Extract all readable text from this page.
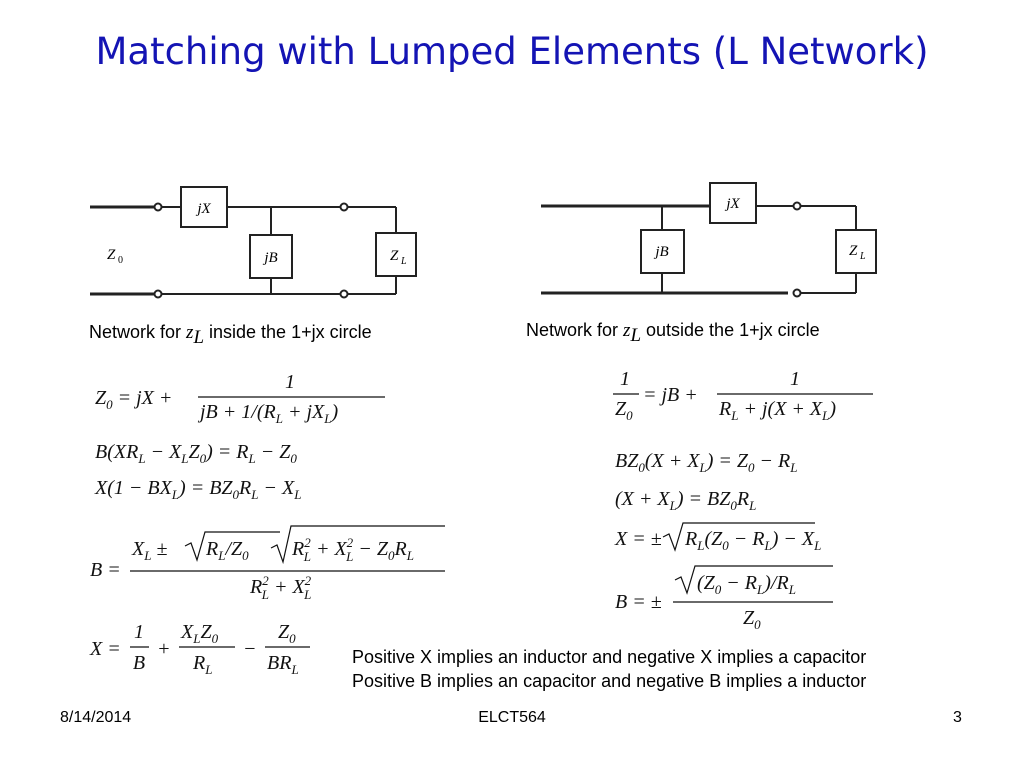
Matching with Lumped Elements (L Network)
jX
jB	Z L
Z 0
jX
jB	Z L
Network for $z_L$ inside the 1+jx circle	Network for $z_L$ outside the 1+jx circle
$Z_0$ = jX +
1
jB + $1/(R_L + jX_L)$
$B(XR_L - X_LZ_0) = R_L - Z_0$
$X(1 - BX_L) = BZ_0R_L - X_L$
B =
$X_L \pm R_L/Z_0$ $R^2$ $L + X^2$ $L - Z_0R_L$
$R^2$ $L + X^2$ L
X =
1
B
+
$X_LZ_0$
$R_L$
−
$Z_0$
$BR_L$
1
$Z_0$
= jB +
1
$R_L + j(X + X_L)$
$BZ_0(X + X_L) = Z_0 - R_L$
$(X + X_L) = BZ_0R_L$
X = ± $R_L(Z_0 - R_L) - X_L$
B = ±
$(Z_0 - R_L)/R_L$
$Z_0$
Positive X implies an inductor and negative X implies a capacitor
Positive B implies an capacitor and negative B implies a inductor
8/14/2014	ELCT564	3
